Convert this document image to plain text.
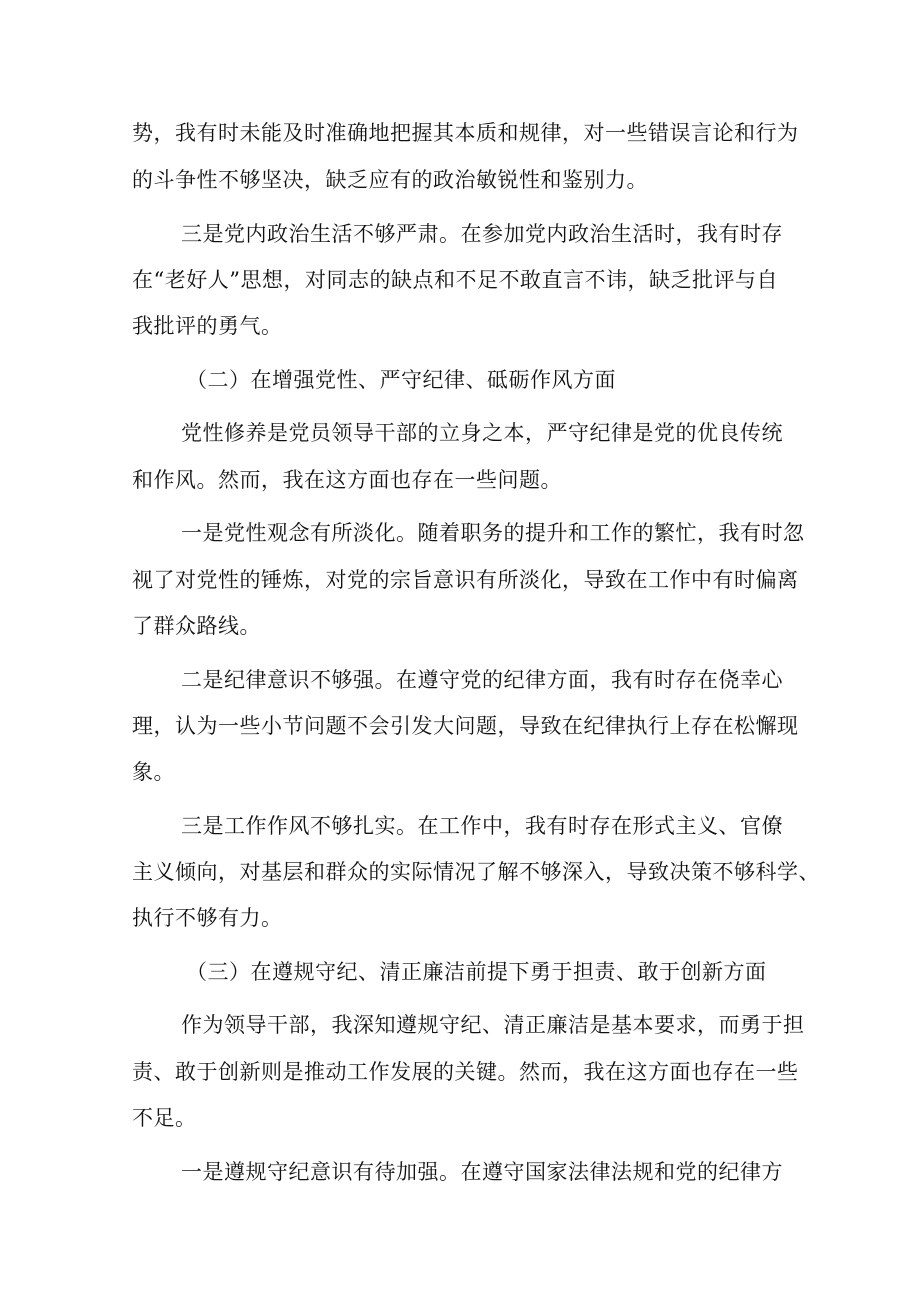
势，我有时未能及时准确地把握其本质和规律，对一些错误言论和行为
的斗争性不够坚决，缺乏应有的政治敏锐性和鉴别力。
三是党内政治生活不够严肃。在参加党内政治生活时，我有时存
在“老好人”思想，对同志的缺点和不足不敢直言不讳，缺乏批评与自
我批评的勇气。
（二）在增强党性、严守纪律、砥砺作风方面
党性修养是党员领导干部的立身之本，严守纪律是党的优良传统
和作风。然而，我在这方面也存在一些问题。
一是党性观念有所淡化。随着职务的提升和工作的繁忙，我有时忽
视了对党性的锤炼，对党的宗旨意识有所淡化，导致在工作中有时偏离
了群众路线。
二是纪律意识不够强。在遵守党的纪律方面，我有时存在侥幸心
理，认为一些小节问题不会引发大问题，导致在纪律执行上存在松懈现
象。
三是工作作风不够扎实。在工作中，我有时存在形式主义、官僚
主义倾向，对基层和群众的实际情况了解不够深入，导致决策不够科学、
执行不够有力。
（三）在遵规守纪、清正廉洁前提下勇于担责、敢于创新方面
作为领导干部，我深知遵规守纪、清正廉洁是基本要求，而勇于担
责、敢于创新则是推动工作发展的关键。然而，我在这方面也存在一些
不足。
一是遵规守纪意识有待加强。在遵守国家法律法规和党的纪律方
